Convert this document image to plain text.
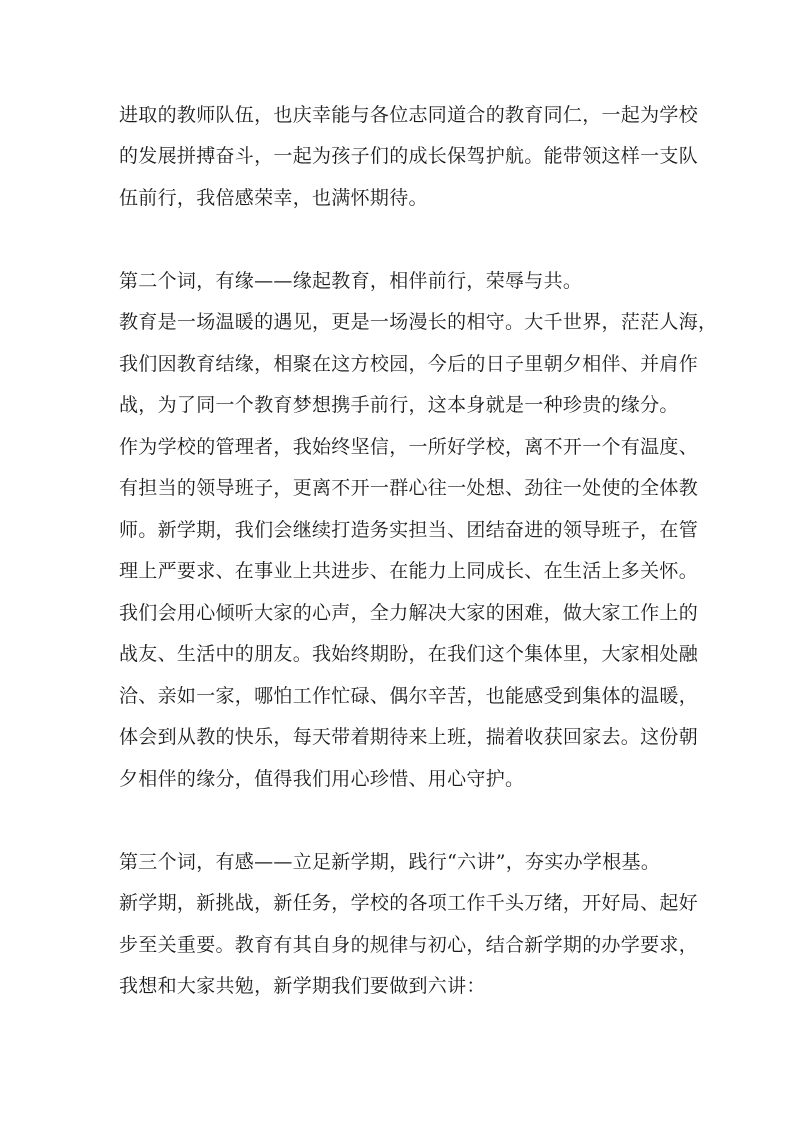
进取的教师队伍，也庆幸能与各位志同道合的教育同仁，一起为学校
的发展拼搏奋斗，一起为孩子们的成长保驾护航。能带领这样一支队
伍前行，我倍感荣幸，也满怀期待。
第二个词，有缘——缘起教育，相伴前行，荣辱与共。
教育是一场温暖的遇见，更是一场漫长的相守。大千世界，茫茫人海，
我们因教育结缘，相聚在这方校园，今后的日子里朝夕相伴、并肩作
战，为了同一个教育梦想携手前行，这本身就是一种珍贵的缘分。
作为学校的管理者，我始终坚信，一所好学校，离不开一个有温度、
有担当的领导班子，更离不开一群心往一处想、劲往一处使的全体教
师。新学期，我们会继续打造务实担当、团结奋进的领导班子，在管
理上严要求、在事业上共进步、在能力上同成长、在生活上多关怀。
我们会用心倾听大家的心声，全力解决大家的困难，做大家工作上的
战友、生活中的朋友。我始终期盼，在我们这个集体里，大家相处融
洽、亲如一家，哪怕工作忙碌、偶尔辛苦，也能感受到集体的温暖，
体会到从教的快乐，每天带着期待来上班，揣着收获回家去。这份朝
夕相伴的缘分，值得我们用心珍惜、用心守护。
第三个词，有感——立足新学期，践行“六讲”，夯实办学根基。
新学期，新挑战，新任务，学校的各项工作千头万绪，开好局、起好
步至关重要。教育有其自身的规律与初心，结合新学期的办学要求，
我想和大家共勉，新学期我们要做到六讲：
